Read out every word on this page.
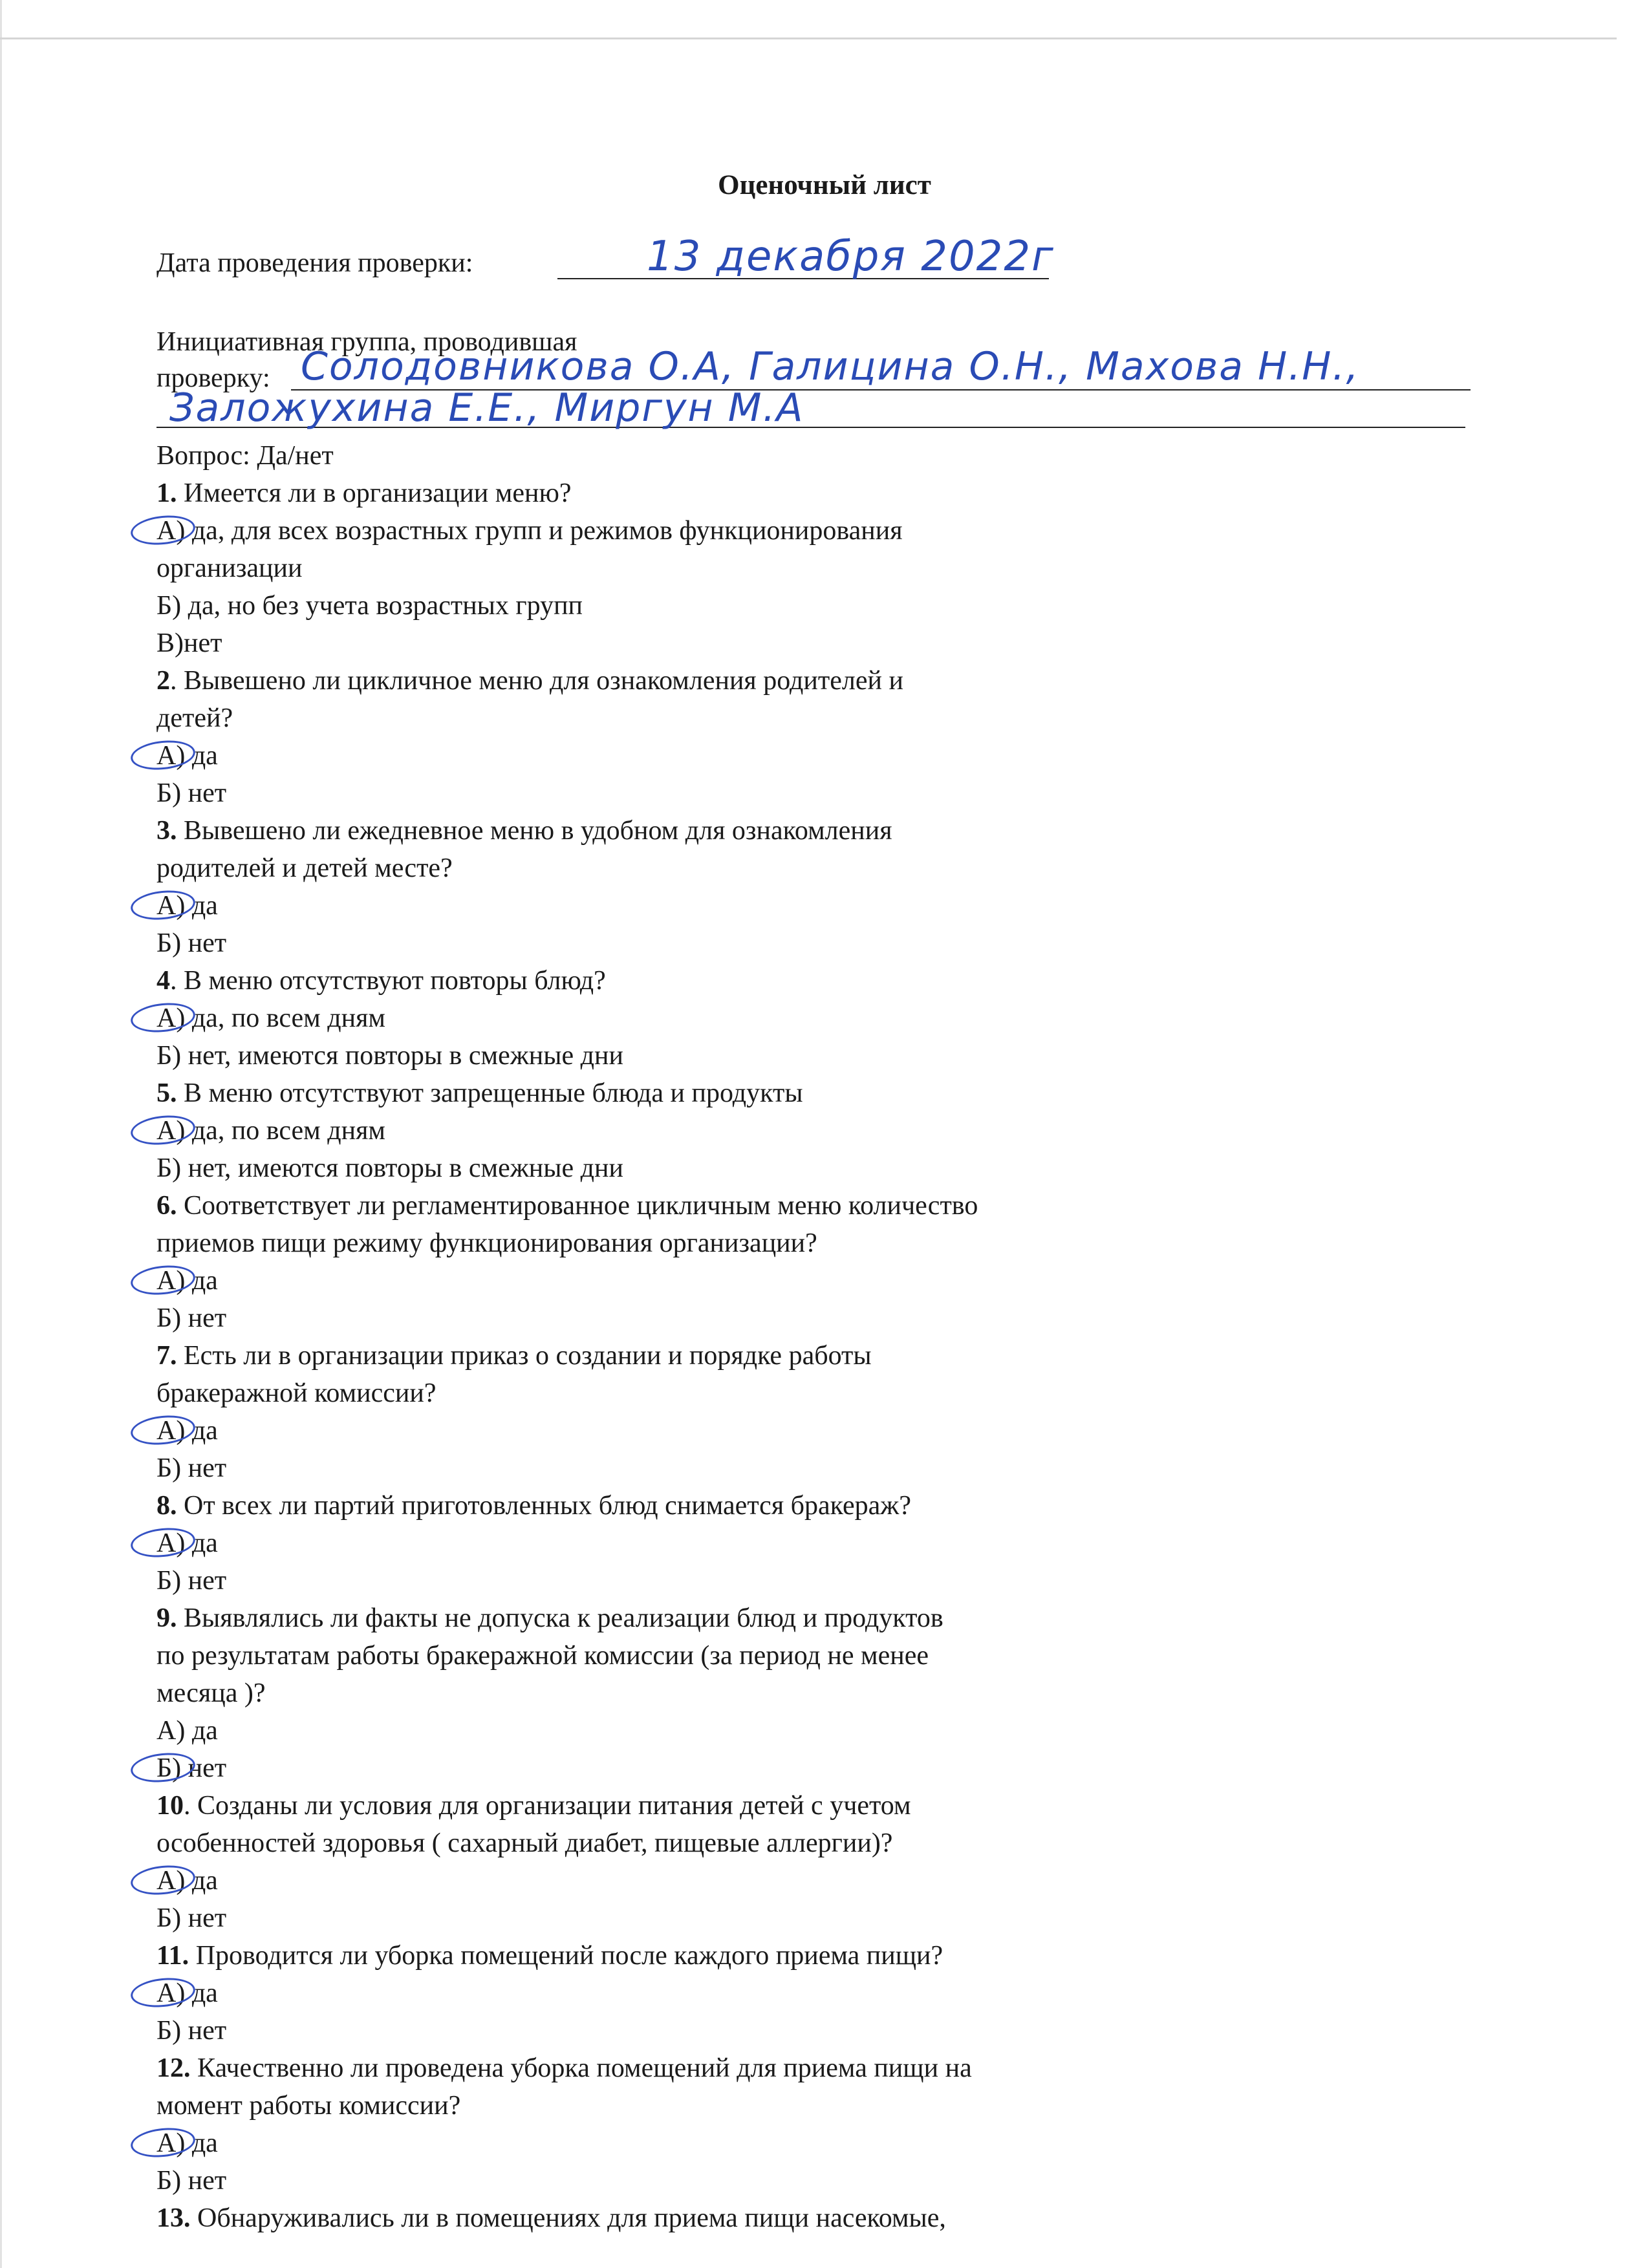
Оценочный лист
Дата проведения проверки:	13 декабря 2022г
Инициативная группа, проводившая
проверку: Солодовникова О.А, Галицина О.Н., Махова Н.Н.,
Заложухина Е.Е., Миргун М.А
Вопрос: Да/нет
1. Имеется ли в организации меню?
А) да, для всех возрастных групп и режимов функционирования
организации
Б) да, но без учета возрастных групп
В)нет
2. Вывешено ли цикличное меню для ознакомления родителей и
детей?
А) да
Б) нет
3. Вывешено ли ежедневное меню в удобном для ознакомления
родителей и детей месте?
А) да
Б) нет
4. В меню отсутствуют повторы блюд?
А) да, по всем дням
Б) нет, имеются повторы в смежные дни
5. В меню отсутствуют запрещенные блюда и продукты
А) да, по всем дням
Б) нет, имеются повторы в смежные дни
6. Соответствует ли регламентированное цикличным меню количество
приемов пищи режиму функционирования организации?
А) да
Б) нет
7. Есть ли в организации приказ о создании и порядке работы
бракеражной комиссии?
А) да
Б) нет
8. От всех ли партий приготовленных блюд снимается бракераж?
А) да
Б) нет
9. Выявлялись ли факты не допуска к реализации блюд и продуктов
по результатам работы бракеражной комиссии (за период не менее
месяца )?
А) да
Б) нет
10. Созданы ли условия для организации питания детей с учетом
особенностей здоровья ( сахарный диабет, пищевые аллергии)?
А) да
Б) нет
11. Проводится ли уборка помещений после каждого приема пищи?
А) да
Б) нет
12. Качественно ли проведена уборка помещений для приема пищи на
момент работы комиссии?
А) да
Б) нет
13. Обнаруживались ли в помещениях для приема пищи насекомые,
